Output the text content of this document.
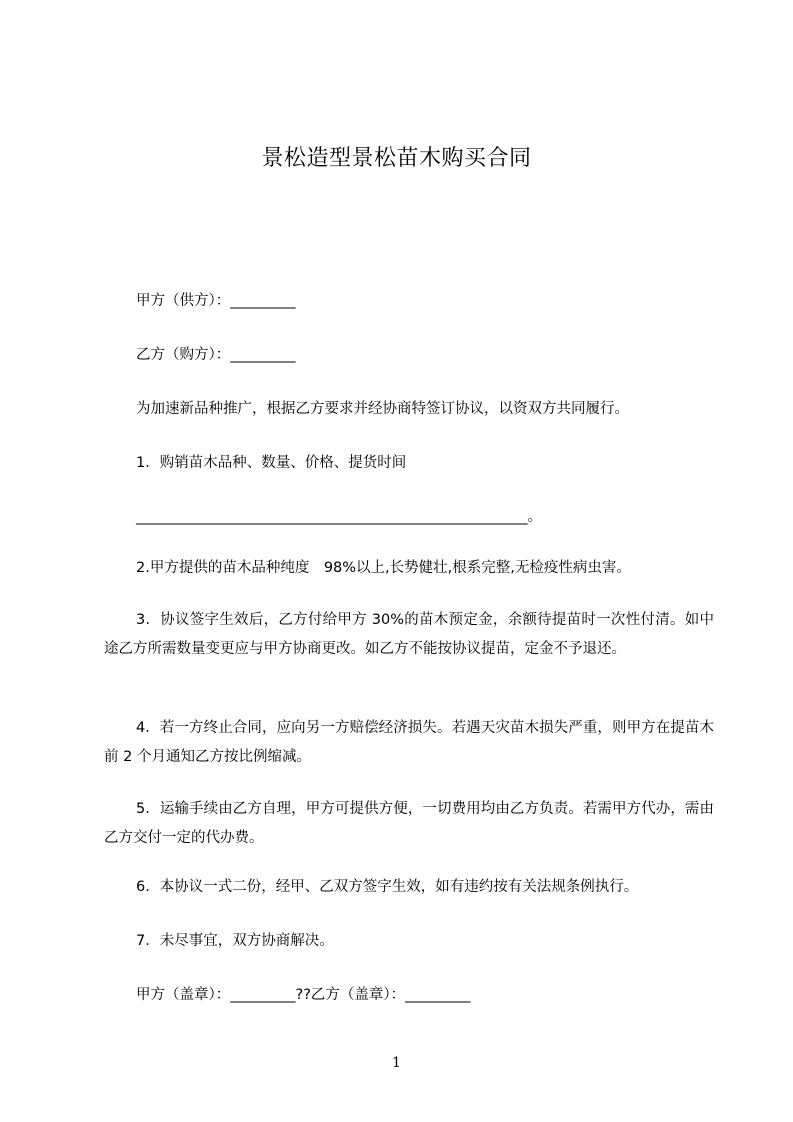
景松造型景松苗木购买合同
甲方（供方）：_________
乙方（购方）：_________
为加速新品种推广，根据乙方要求并经协商特签订协议，以资双方共同履行。
1．购销苗木品种、数量、价格、提货时间
______________________________________________________。
2.甲方提供的苗木品种纯度　98%以上,长势健壮,根系完整,无检疫性病虫害。
3．协议签字生效后，乙方付给甲方 30%的苗木预定金，余额待提苗时一次性付清。如中途乙方所需数量变更应与甲方协商更改。如乙方不能按协议提苗，定金不予退还。
4．若一方终止合同，应向另一方赔偿经济损失。若遇天灾苗木损失严重，则甲方在提苗木前 2 个月通知乙方按比例缩减。
5．运输手续由乙方自理，甲方可提供方便，一切费用均由乙方负责。若需甲方代办，需由乙方交付一定的代办费。
6．本协议一式二份，经甲、乙双方签字生效，如有违约按有关法规条例执行。
7．未尽事宜，双方协商解决。
甲方（盖章）：_________??乙方（盖章）：_________
1
